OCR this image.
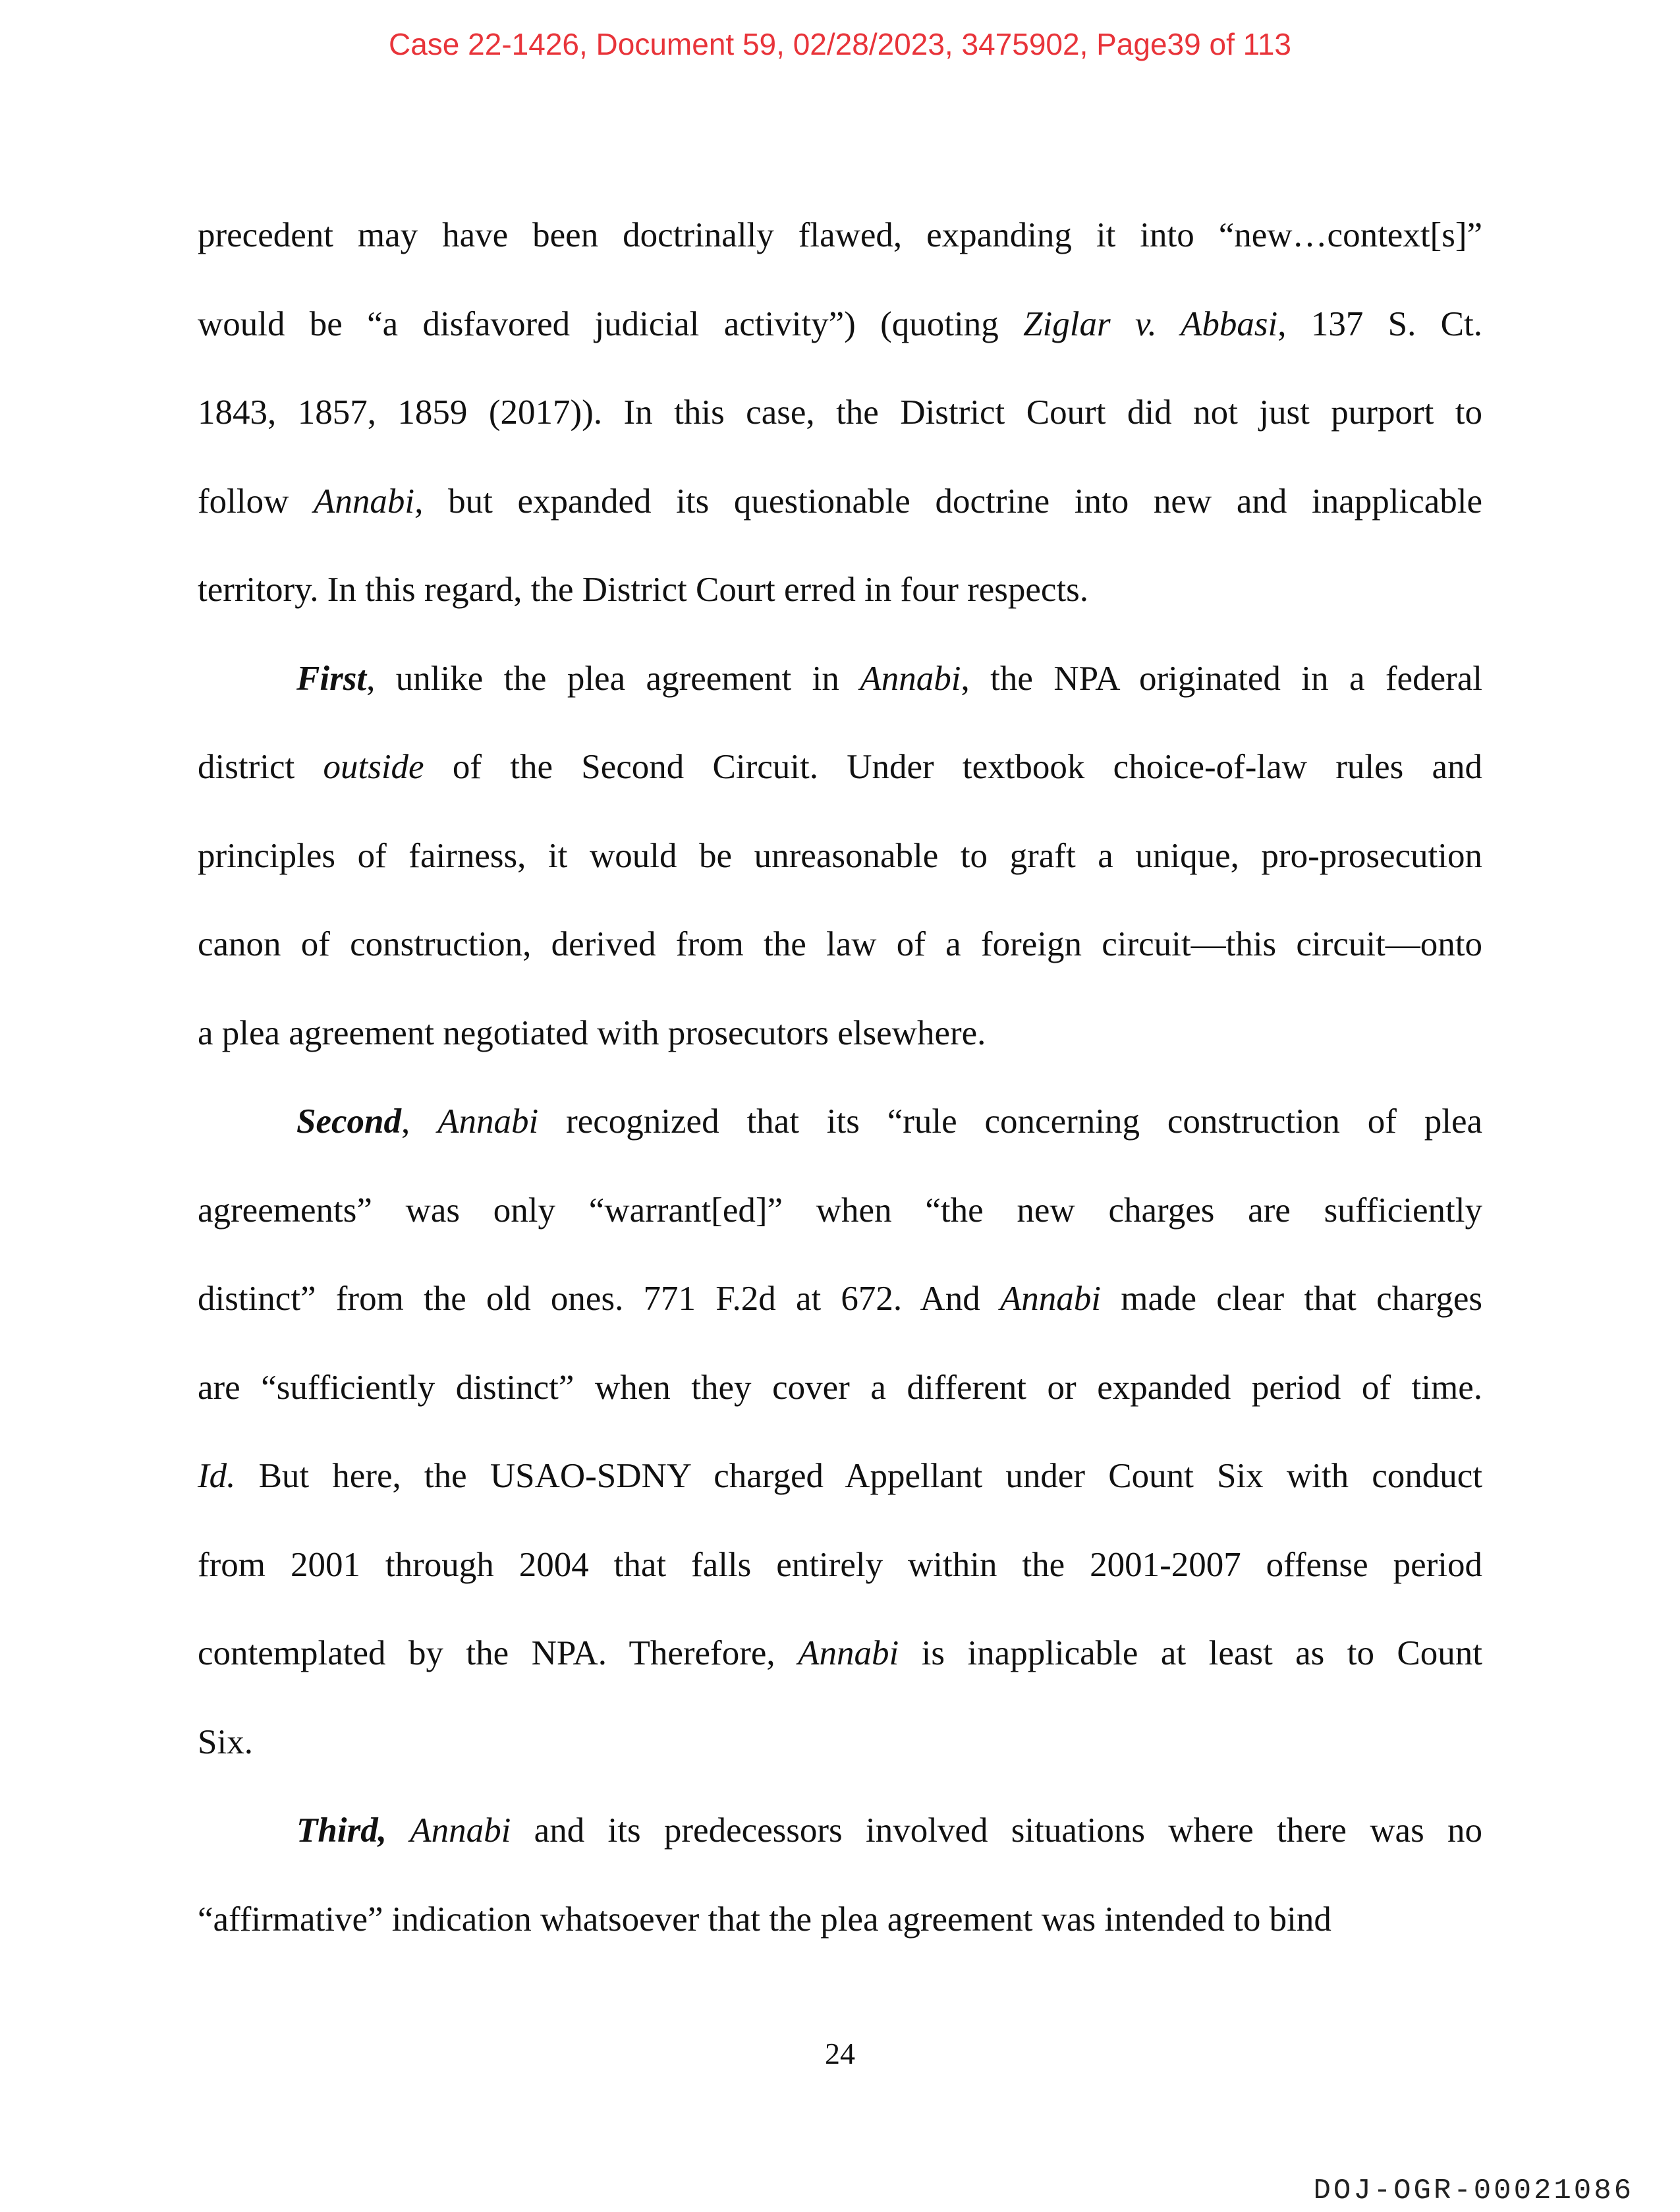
Case 22-1426, Document 59, 02/28/2023, 3475902, Page39 of 113
precedent may have been doctrinally flawed, expanding it into “new…context[s]”
would be “a disfavored judicial activity”) (quoting Ziglar v. Abbasi, 137 S. Ct.
1843, 1857, 1859 (2017)). In this case, the District Court did not just purport to
follow Annabi, but expanded its questionable doctrine into new and inapplicable
territory. In this regard, the District Court erred in four respects.
First, unlike the plea agreement in Annabi, the NPA originated in a federal
district outside of the Second Circuit. Under textbook choice-of-law rules and
principles of fairness, it would be unreasonable to graft a unique, pro-prosecution
canon of construction, derived from the law of a foreign circuit—this circuit—onto
a plea agreement negotiated with prosecutors elsewhere.
Second, Annabi recognized that its “rule concerning construction of plea
agreements” was only “warrant[ed]” when “the new charges are sufficiently
distinct” from the old ones. 771 F.2d at 672. And Annabi made clear that charges
are “sufficiently distinct” when they cover a different or expanded period of time.
Id. But here, the USAO-SDNY charged Appellant under Count Six with conduct
from 2001 through 2004 that falls entirely within the 2001-2007 offense period
contemplated by the NPA. Therefore, Annabi is inapplicable at least as to Count
Six.
Third, Annabi and its predecessors involved situations where there was no
“affirmative” indication whatsoever that the plea agreement was intended to bind
24
DOJ-OGR-00021086
